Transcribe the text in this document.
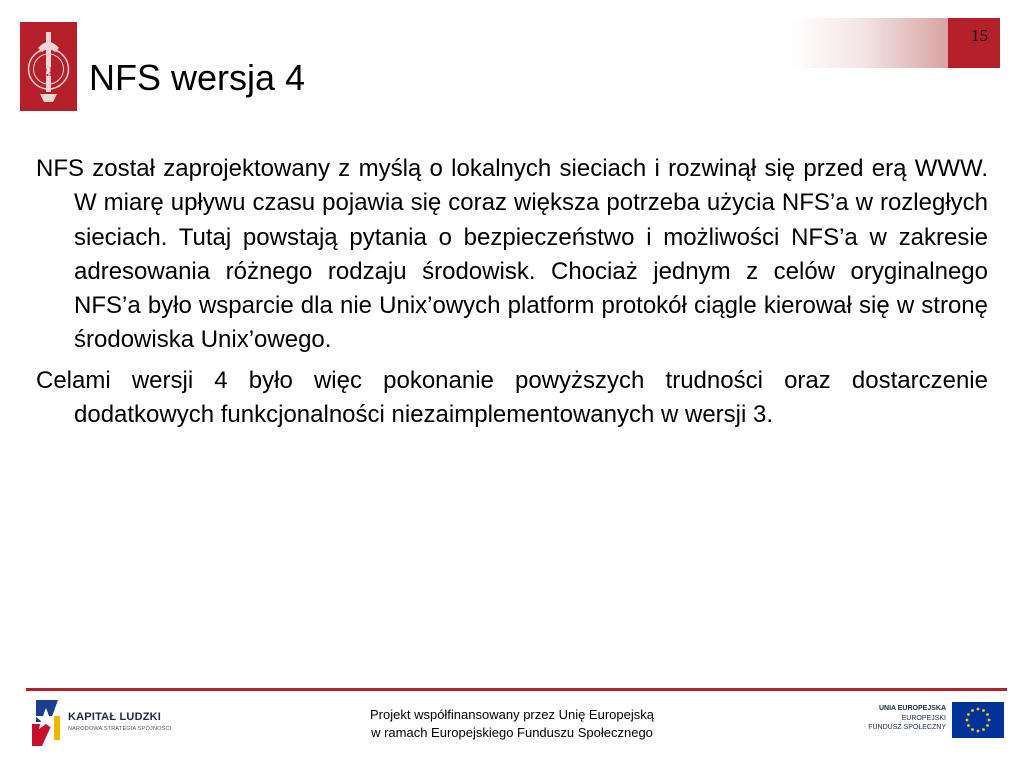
P.Ł NFS wersja 4
15

NFS został zaprojektowany z myślą o lokalnych sieciach i rozwinął się przed erą WWW. W miarę upływu czasu pojawia się coraz większa potrzeba użycia NFS’a w rozległych sieciach. Tutaj powstają pytania o bezpieczeństwo i możliwości NFS’a w zakresie adresowania różnego rodzaju środowisk. Chociaż jednym z celów oryginalnego NFS’a było wsparcie dla nie Unix’owych platform protokół ciągle kierował się w stronę środowiska Unix’owego.

Celami wersji 4 było więc pokonanie powyższych trudności oraz dostarczenie dodatkowych funkcjonalności niezaimplementowanych w wersji 3.

KAPITAŁ LUDZKI
NARODOWA STRATEGIA SPÓJNOŚCI
Projekt współfinansowany przez Unię Europejską
w ramach Europejskiego Funduszu Społecznego
UNIA EUROPEJSKA
EUROPEJSKI
FUNDUSZ SPOŁECZNY
